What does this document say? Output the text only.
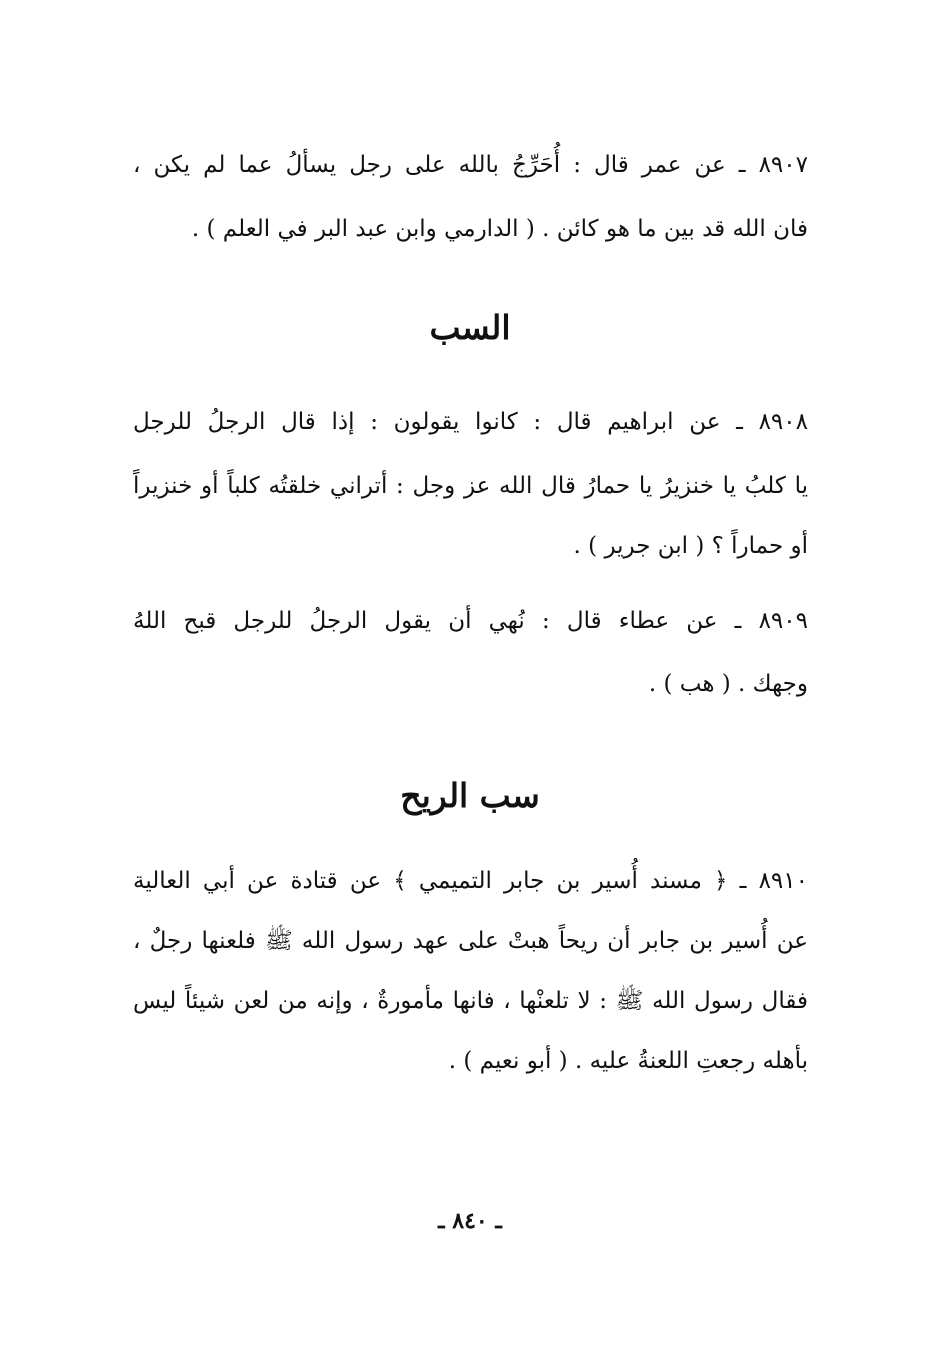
٨٩٠٧ ـ عن عمر قال : أُحَرِّجُ بالله على رجل يسألُ عما لم يكن ،
فان الله قد بين ما هو كائن . ( الدارمي وابن عبد البر في العلم ) .
السب
٨٩٠٨ ـ عن ابراهيم قال : كانوا يقولون : إذا قال الرجلُ للرجل
يا كلبُ يا خنزيرُ يا حمارُ قال الله عز وجل : أتراني خلقتُه كلباً أو خنزيراً
أو حماراً ؟ ( ابن جرير ) .
٨٩٠٩ ـ عن عطاء قال : نُهي أن يقول الرجلُ للرجل قبح اللهُ
وجهك . ( هب ) .
سب الريح
٨٩١٠ ـ ﴿ مسند أُسير بن جابر التميمي ﴾ عن قتادة عن أبي العالية
عن أُسير بن جابر أن ريحاً هبتْ على عهد رسول الله ﷺ فلعنها رجلٌ ،
فقال رسول الله ﷺ : لا تلعنْها ، فانها مأمورةٌ ، وإنه من لعن شيئاً ليس
بأهله رجعتِ اللعنةُ عليه . ( أبو نعيم ) .
ـ ٨٤٠ ـ
